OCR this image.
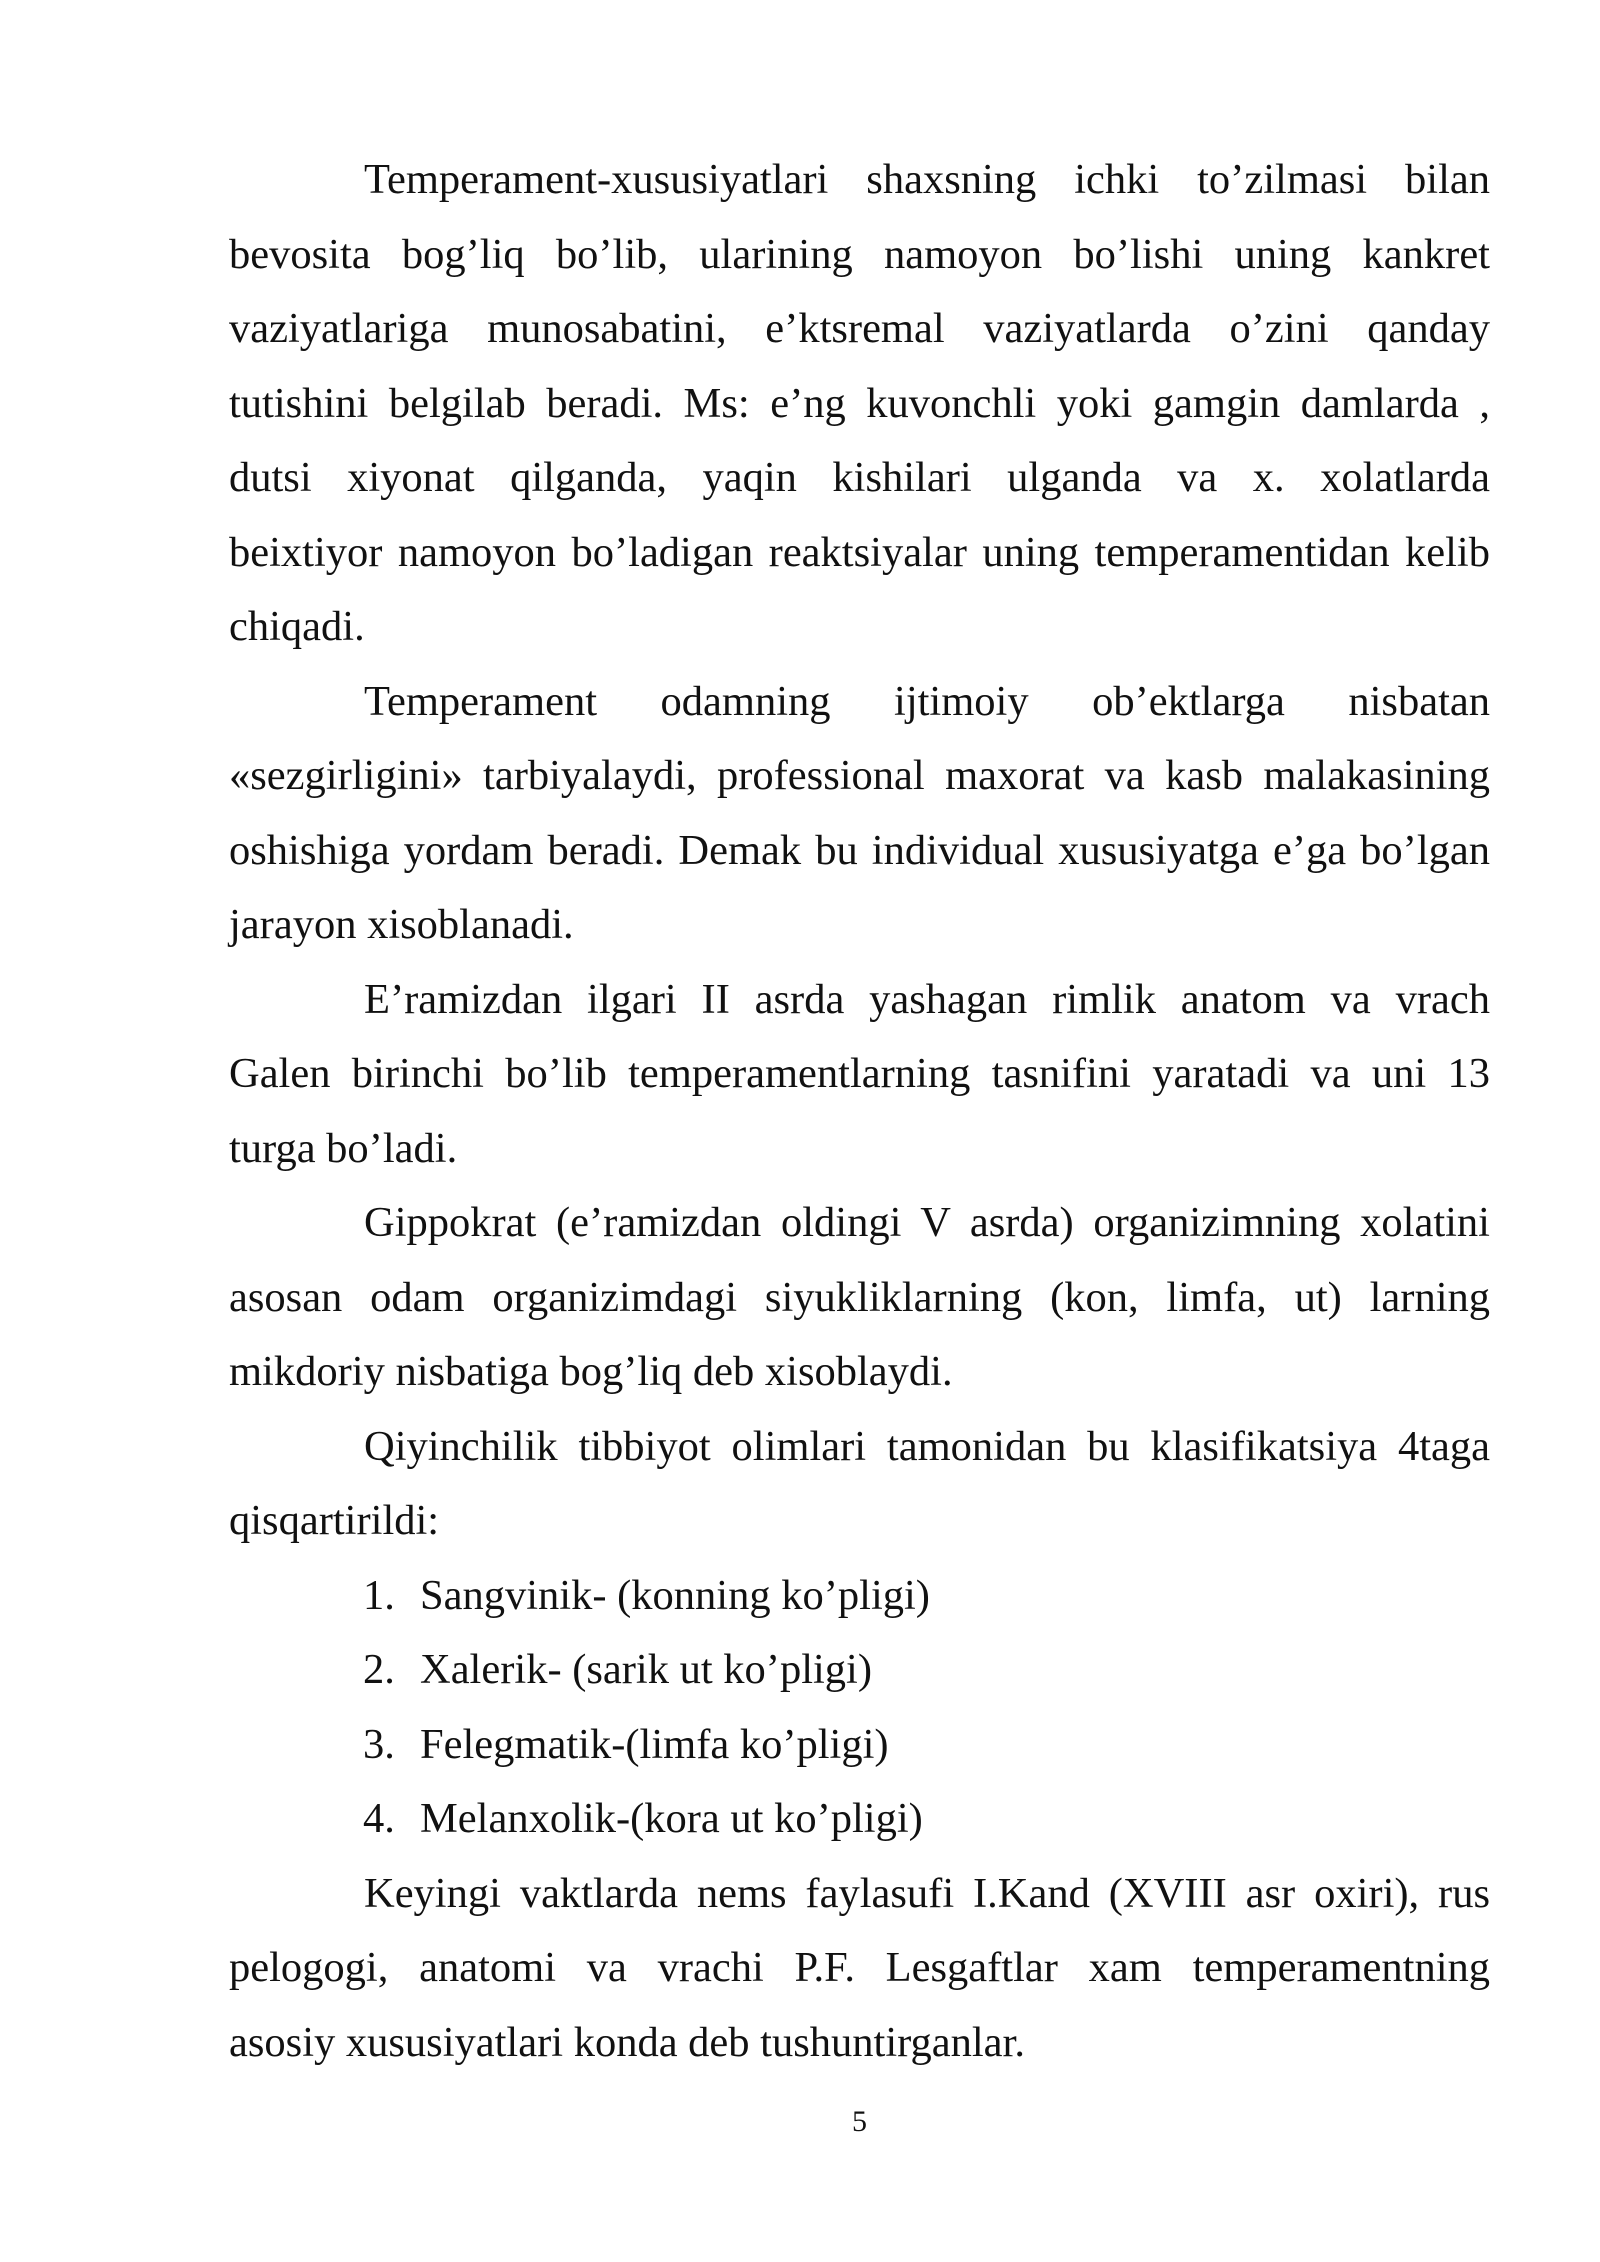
Temperament-xususiyatlari shaxsning ichki to’zilmasi bilan
bevosita bog’liq bo’lib, ularining namoyon bo’lishi uning kankret
vaziyatlariga munosabatini, e’ktsremal vaziyatlarda o’zini qanday
tutishini belgilab beradi. Ms: e’ng kuvonchli yoki gamgin damlarda ,
dutsi xiyonat qilganda, yaqin kishilari ulganda va x. xolatlarda
beixtiyor namoyon bo’ladigan reaktsiyalar uning temperamentidan kelib
chiqadi.
Temperament odamning ijtimoiy ob’ektlarga nisbatan
«sezgirligini» tarbiyalaydi, professional maxorat va kasb malakasining
oshishiga yordam beradi. Demak bu individual xususiyatga e’ga bo’lgan
jarayon xisoblanadi.
E’ramizdan ilgari II asrda yashagan rimlik anatom va vrach
Galen birinchi bo’lib temperamentlarning tasnifini yaratadi va uni 13
turga bo’ladi.
Gippokrat (e’ramizdan oldingi V asrda) organizimning xolatini
asosan odam organizimdagi siyukliklarning (kon, limfa, ut) larning
mikdoriy nisbatiga bog’liq deb xisoblaydi.
Qiyinchilik tibbiyot olimlari tamonidan bu klasifikatsiya 4taga
qisqartirildi:
1. Sangvinik- (konning ko’pligi)
2. Xalerik- (sarik ut ko’pligi)
3. Felegmatik-(limfa ko’pligi)
4. Melanxolik-(kora ut ko’pligi)
Keyingi vaktlarda nems faylasufi I.Kand (XVIII asr oxiri), rus
pelogogi, anatomi va vrachi P.F. Lesgaftlar xam temperamentning
asosiy xususiyatlari konda deb tushuntirganlar.
5
